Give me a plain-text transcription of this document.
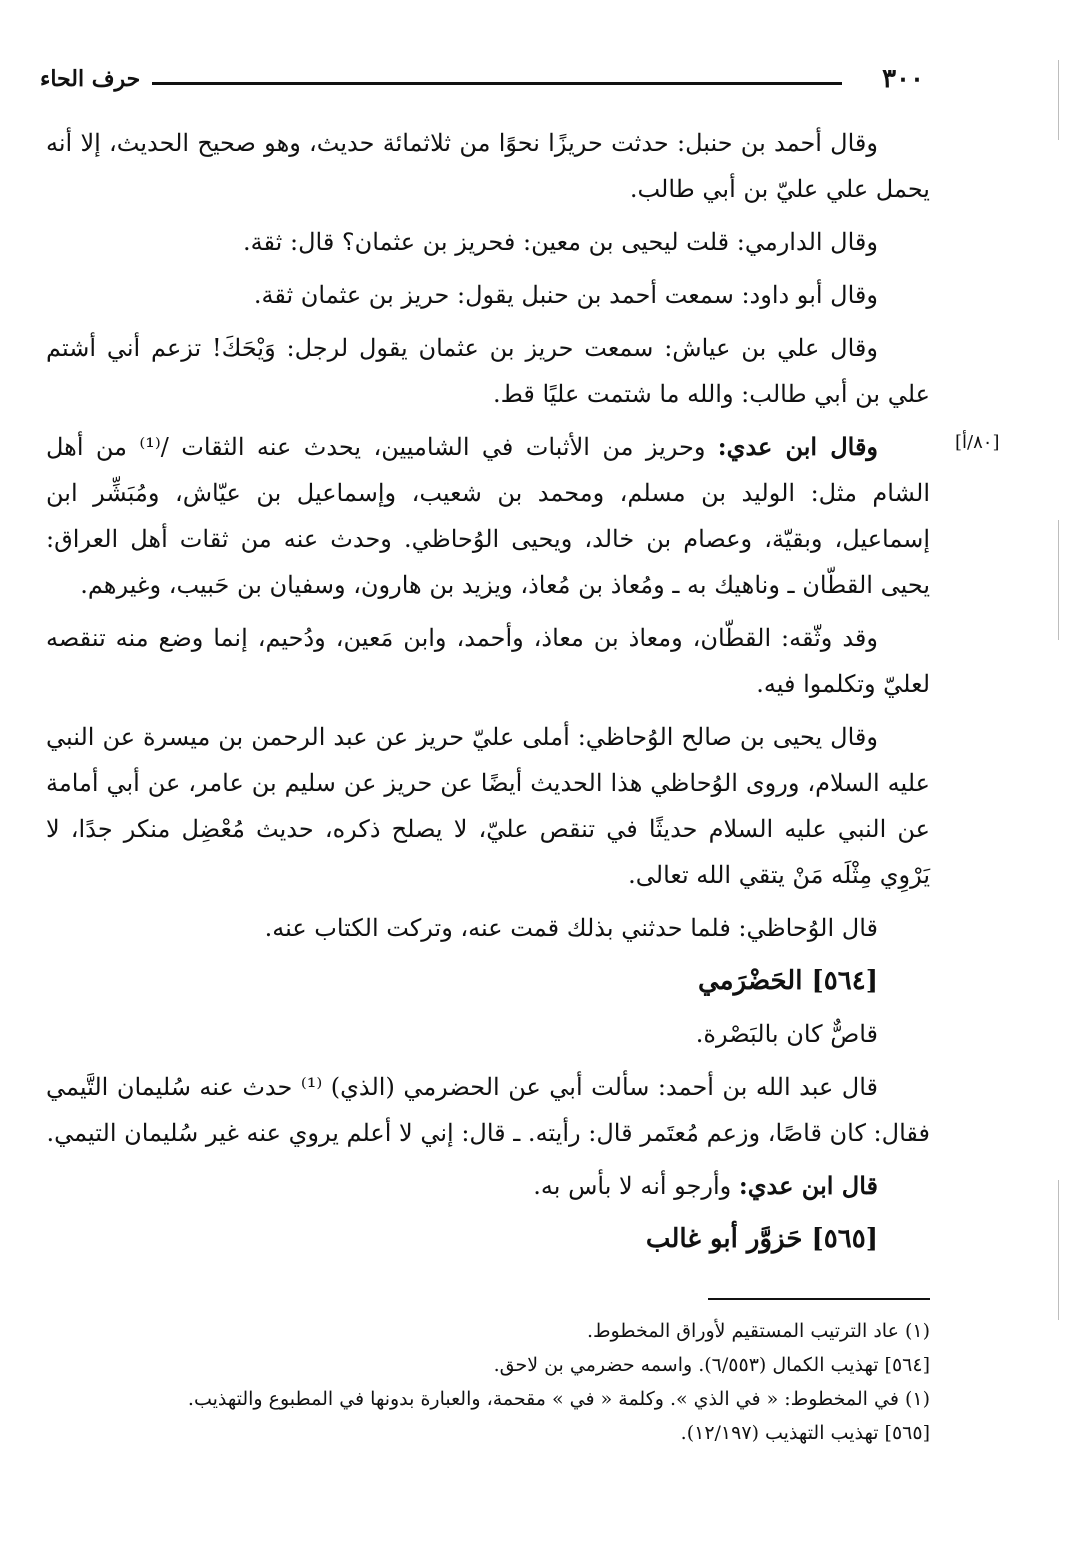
٣٠٠
حرف الحاء
[٨٠/أ]

وقال أحمد بن حنبل: حدثت حريزًا نحوًا من ثلاثمائة حديث، وهو صحيح الحديث، إلا أنه يحمل علي عليّ بن أبي طالب.

وقال الدارمي: قلت ليحيى بن معين: فحريز بن عثمان؟ قال: ثقة.

وقال أبو داود: سمعت أحمد بن حنبل يقول: حريز بن عثمان ثقة.

وقال علي بن عياش: سمعت حريز بن عثمان يقول لرجل: وَيْحَكَ! تزعم أني أشتم علي بن أبي طالب: والله ما شتمت عليًا قط.

وقال ابن عدي: وحريز من الأثبات في الشاميين، يحدث عنه الثقات /⁽¹⁾ من أهل الشام مثل: الوليد بن مسلم، ومحمد بن شعيب، وإسماعيل بن عيّاش، ومُبَشِّر ابن إسماعيل، وبقيّة، وعصام بن خالد، ويحيى الوُحاظي. وحدث عنه من ثقات أهل العراق: يحيى القطّان ـ وناهيك به ـ ومُعاذ بن مُعاذ، ويزيد بن هارون، وسفيان بن حَبيب، وغيرهم.

وقد وثّقه: القطّان، ومعاذ بن معاذ، وأحمد، وابن مَعين، ودُحيم، إنما وضع منه تنقصه لعليّ وتكلموا فيه.

وقال يحيى بن صالح الوُحاظي: أملى عليّ حريز عن عبد الرحمن بن ميسرة عن النبي عليه السلام، وروى الوُحاظي هذا الحديث أيضًا عن حريز عن سليم بن عامر، عن أبي أمامة عن النبي عليه السلام حديثًا في تنقص عليّ، لا يصلح ذكره، حديث مُعْضِل منكر جدًا، لا يَرْوِي مِثْلَه مَنْ يتقي الله تعالى.

قال الوُحاظي: فلما حدثني بذلك قمت عنه، وتركت الكتاب عنه.

[٥٦٤] الحَضْرَمي

قاصٌّ كان بالبَصْرة.

قال عبد الله بن أحمد: سألت أبي عن الحضرمي (الذي) ⁽¹⁾ حدث عنه سُليمان التَّيمي فقال: كان قاصًا، وزعم مُعتَمر قال: رأيته. ـ قال: إني لا أعلم يروي عنه غير سُليمان التيمي.

قال ابن عدي: وأرجو أنه لا بأس به.

[٥٦٥] حَزوَّر أبو غالب

(١) عاد الترتيب المستقيم لأوراق المخطوط.
[٥٦٤] تهذيب الكمال (٦/٥٥٣). واسمه حضرمي بن لاحق.
(١) في المخطوط: « في الذي ». وكلمة « في » مقحمة، والعبارة بدونها في المطبوع والتهذيب.
[٥٦٥] تهذيب التهذيب (١٢/١٩٧).
